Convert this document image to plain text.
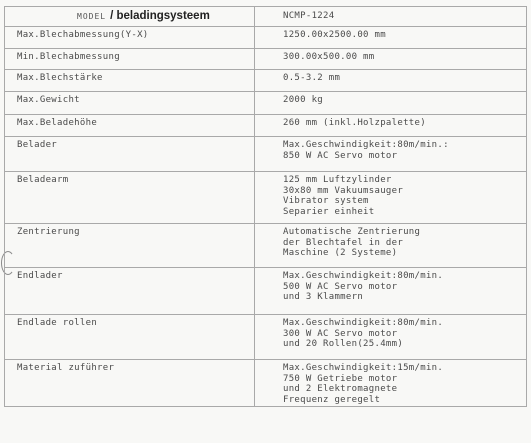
MODEL / beladingsysteem	NCMP-1224
Max.Blechabmessung(Y-X)	1250.00x2500.00 mm

Min.Blechabmessung	300.00x500.00 mm

Max.Blechstärke	0.5-3.2 mm

Max.Gewicht	2000 kg

Max.Beladehöhe	260 mm (inkl.Holzpalette)

Belader	Max.Geschwindigkeit:80m/min.:
850 W AC Servo motor

Beladearm	125 mm Luftzylinder
30x80 mm Vakuumsauger
Vibrator system
Separier einheit

Zentrierung	Automatische Zentrierung
der Blechtafel in der
Maschine (2 Systeme)

Endlader	Max.Geschwindigkeit:80m/min.
500 W AC Servo motor
und 3 Klammern

Endlade rollen	Max.Geschwindigkeit:80m/min.
300 W AC Servo motor
und 20 Rollen(25.4mm)

Material zuführer	Max.Geschwindigkeit:15m/min.
750 W Getriebe motor
und 2 Elektromagnete
Frequenz geregelt
